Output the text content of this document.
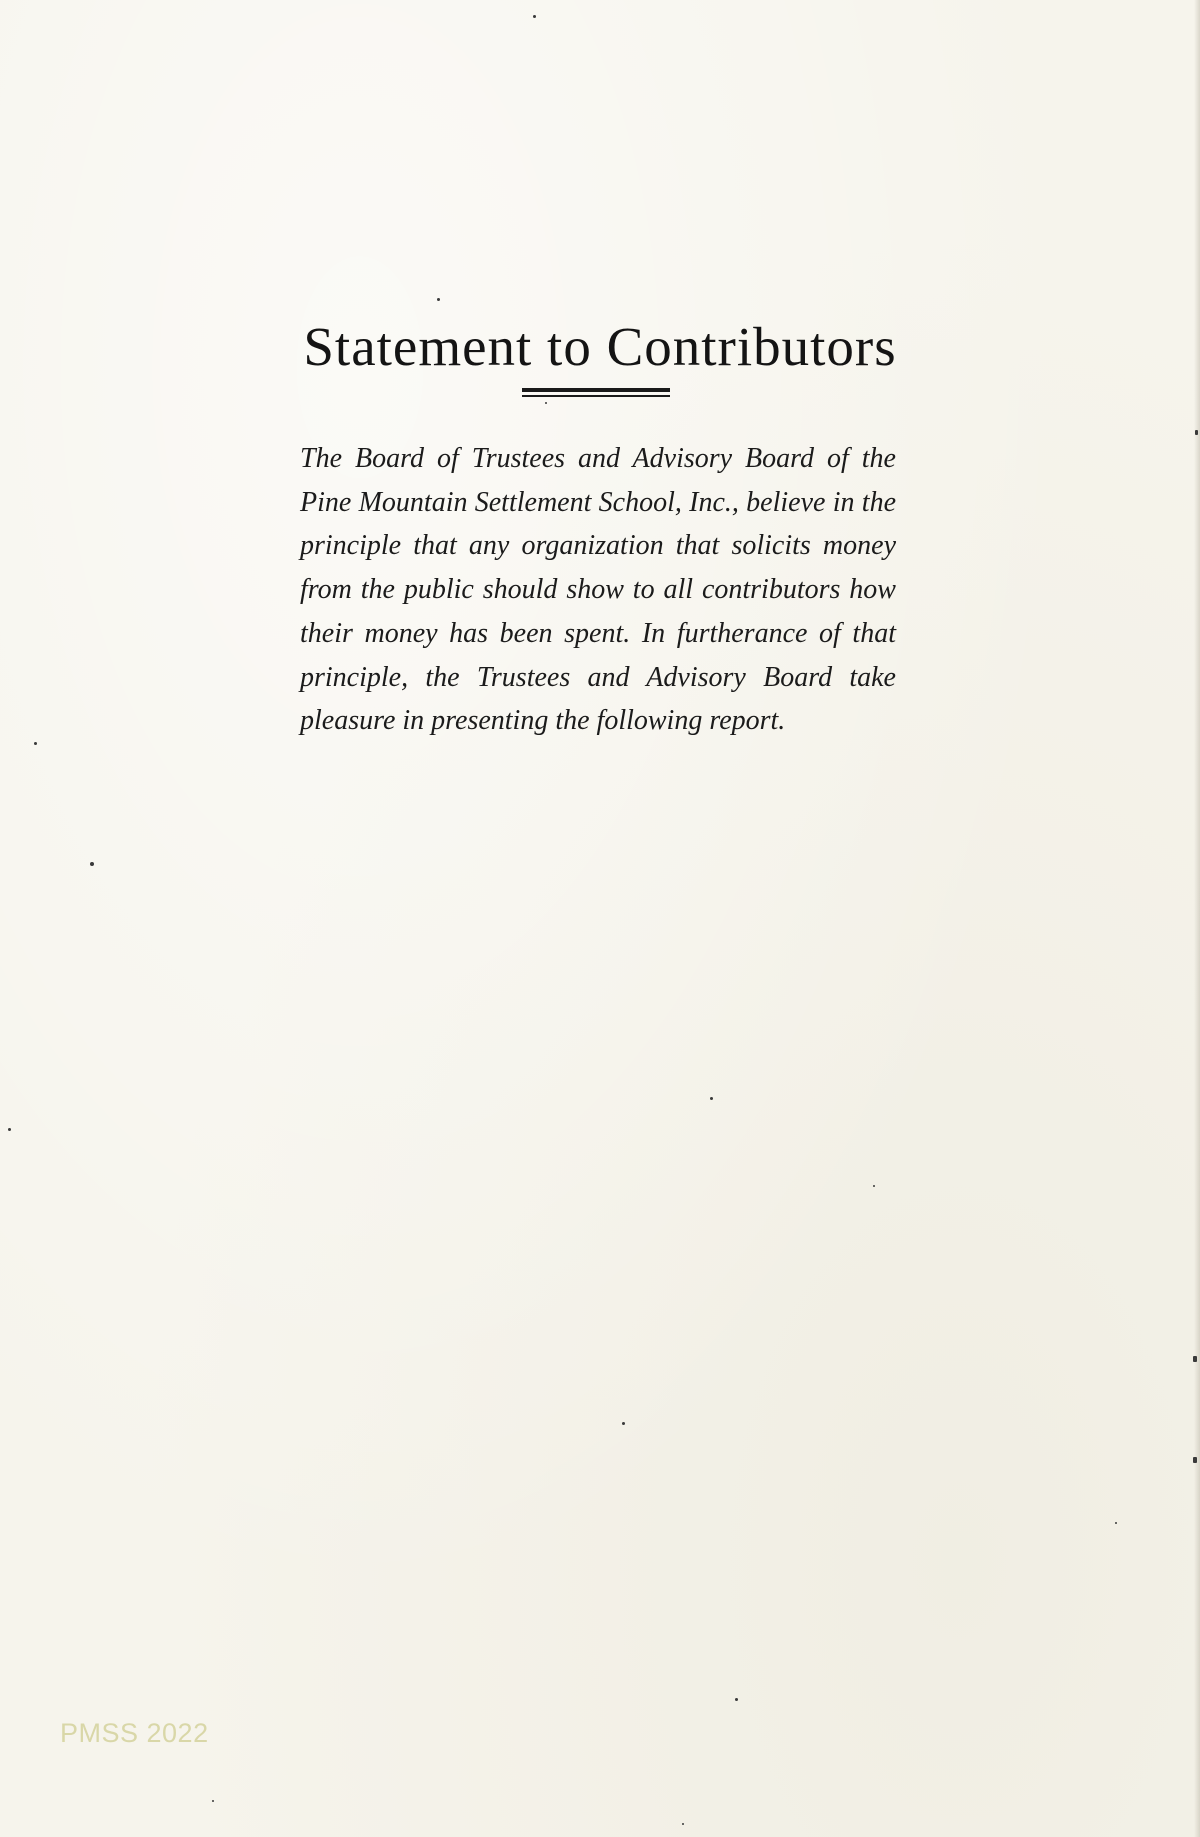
Statement to Contributors

The Board of Trustees and Advisory Board of the Pine Mountain Settlement School, Inc., believe in the principle that any organization that solicits money from the public should show to all contributors how their money has been spent. In furtherance of that principle, the Trustees and Advisory Board take pleasure in presenting the following report.

PMSS 2022
